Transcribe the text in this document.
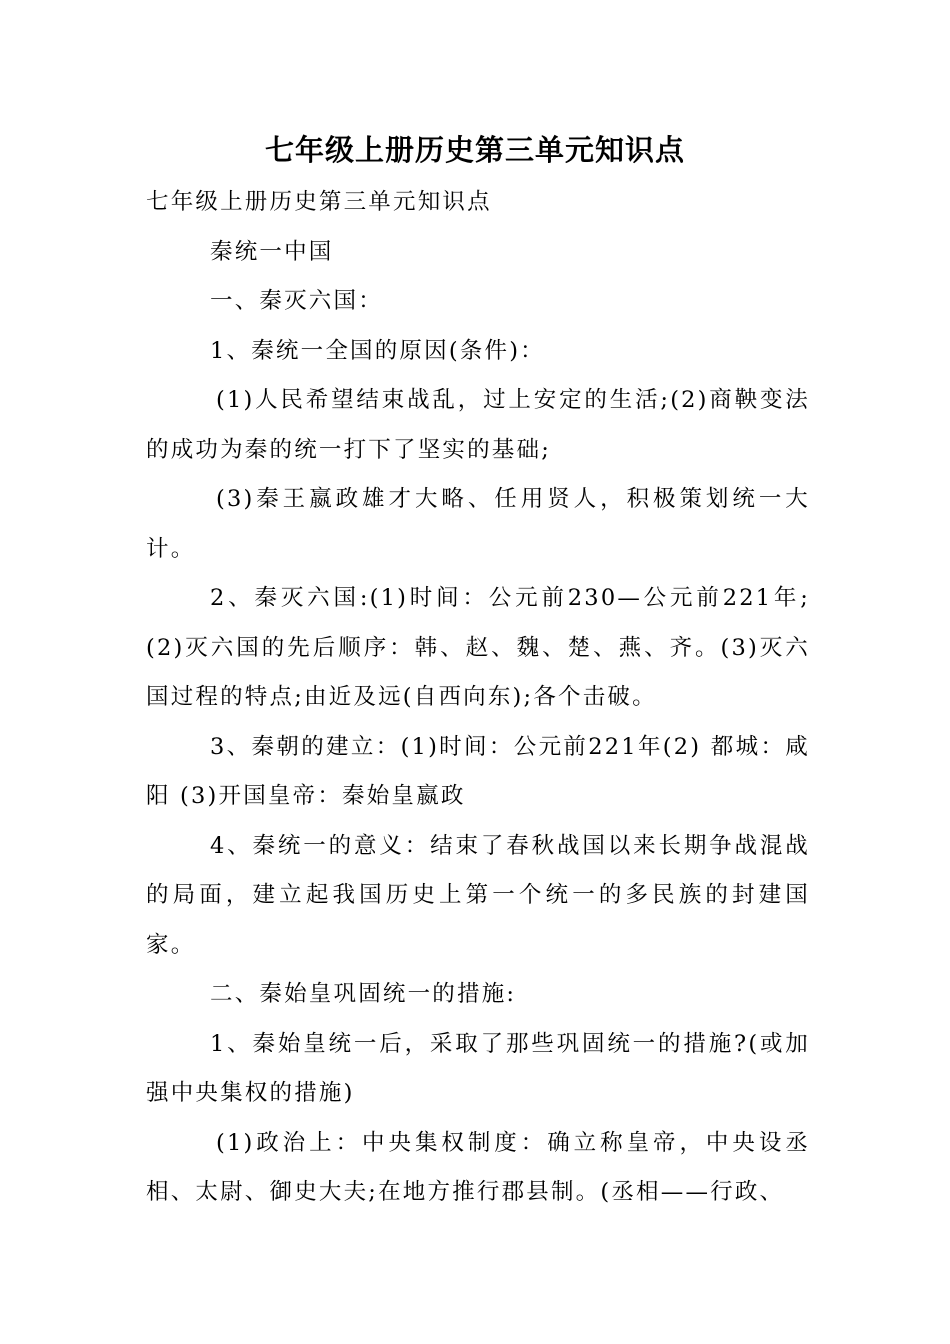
七年级上册历史第三单元知识点

七年级上册历史第三单元知识点

秦统一中国

一、秦灭六国：

1、秦统一全国的原因(条件)：

(1)人民希望结束战乱，过上安定的生活;(2)商鞅变法的成功为秦的统一打下了坚实的基础;

(3)秦王嬴政雄才大略、任用贤人，积极策划统一大计。

2、秦灭六国:(1)时间：公元前230—公元前221年;(2)灭六国的先后顺序：韩、赵、魏、楚、燕、齐。(3)灭六国过程的特点;由近及远(自西向东);各个击破。

3、秦朝的建立：(1)时间：公元前221年(2) 都城：咸阳 (3)开国皇帝：秦始皇嬴政

4、秦统一的意义：结束了春秋战国以来长期争战混战的局面，建立起我国历史上第一个统一的多民族的封建国家。

二、秦始皇巩固统一的措施:

1、秦始皇统一后，采取了那些巩固统一的措施?(或加强中央集权的措施)

(1)政治上：中央集权制度：确立称皇帝，中央设丞相、太尉、御史大夫;在地方推行郡县制。(丞相——行政、
